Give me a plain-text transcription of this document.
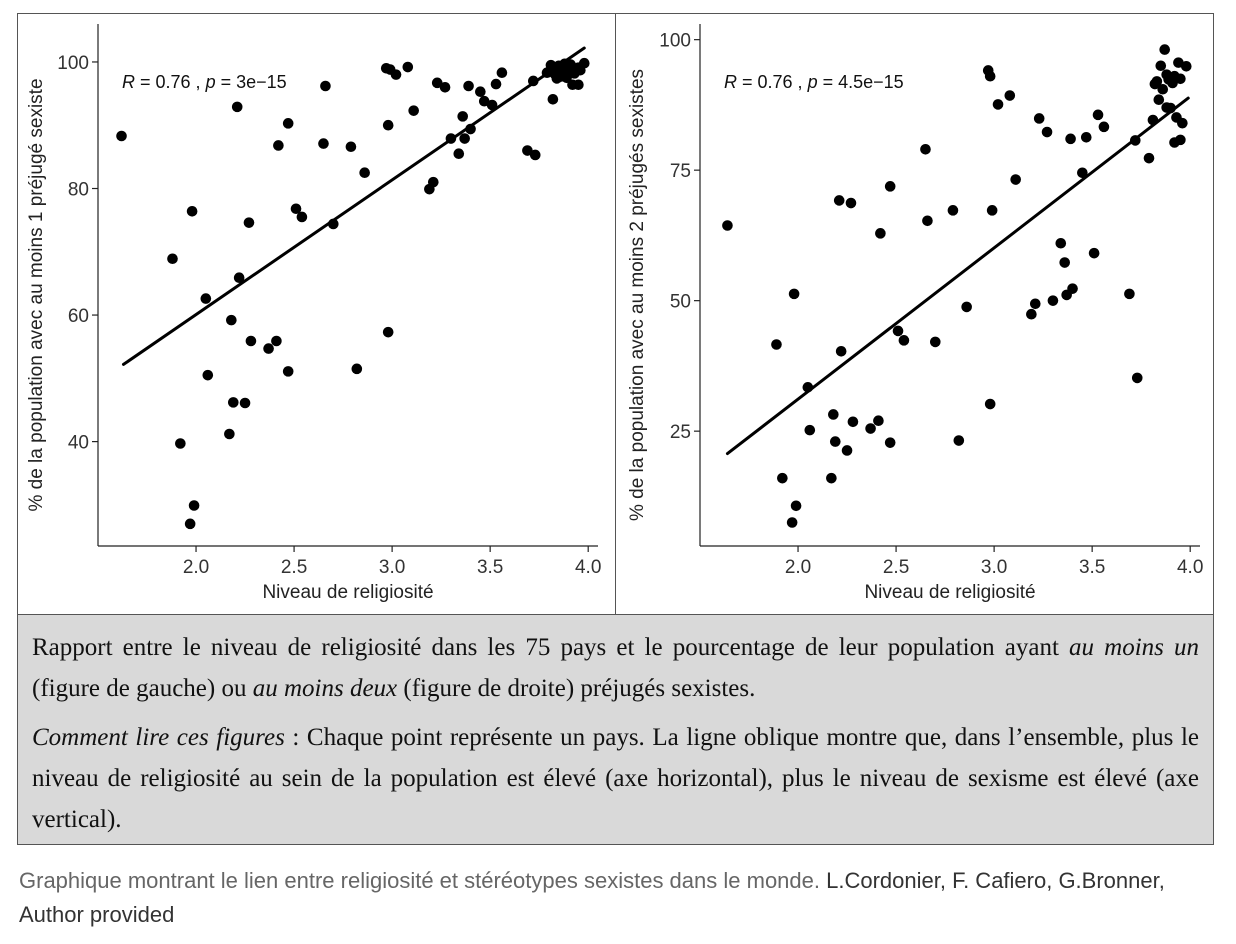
2.0	2.5	3.0	3.5	4.0
40
60
80
100
Niveau de religiosité
% de la population avec au moins 1 préjugé sexiste	R = 0.76 , p = 3e−15
2.0	2.5	3.0	3.5	4.0
25
50
75
100
Niveau de religiosité
% de la population avec au moins 2 préjugés sexistes	R = 0.76 , p = 4.5e−15

Rapport entre le niveau de religiosité dans les 75 pays et le pourcentage de leur population ayant au moins un (figure de gauche) ou au moins deux (figure de droite) préjugés sexistes.

Comment lire ces figures : Chaque point représente un pays. La ligne oblique montre que, dans l’ensemble, plus le niveau de religiosité au sein de la population est élevé (axe horizontal), plus le niveau de sexisme est élevé (axe vertical).

Graphique montrant le lien entre religiosité et stéréotypes sexistes dans le monde. L.Cordonier, F. Cafiero, G.Bronner, Author provided
